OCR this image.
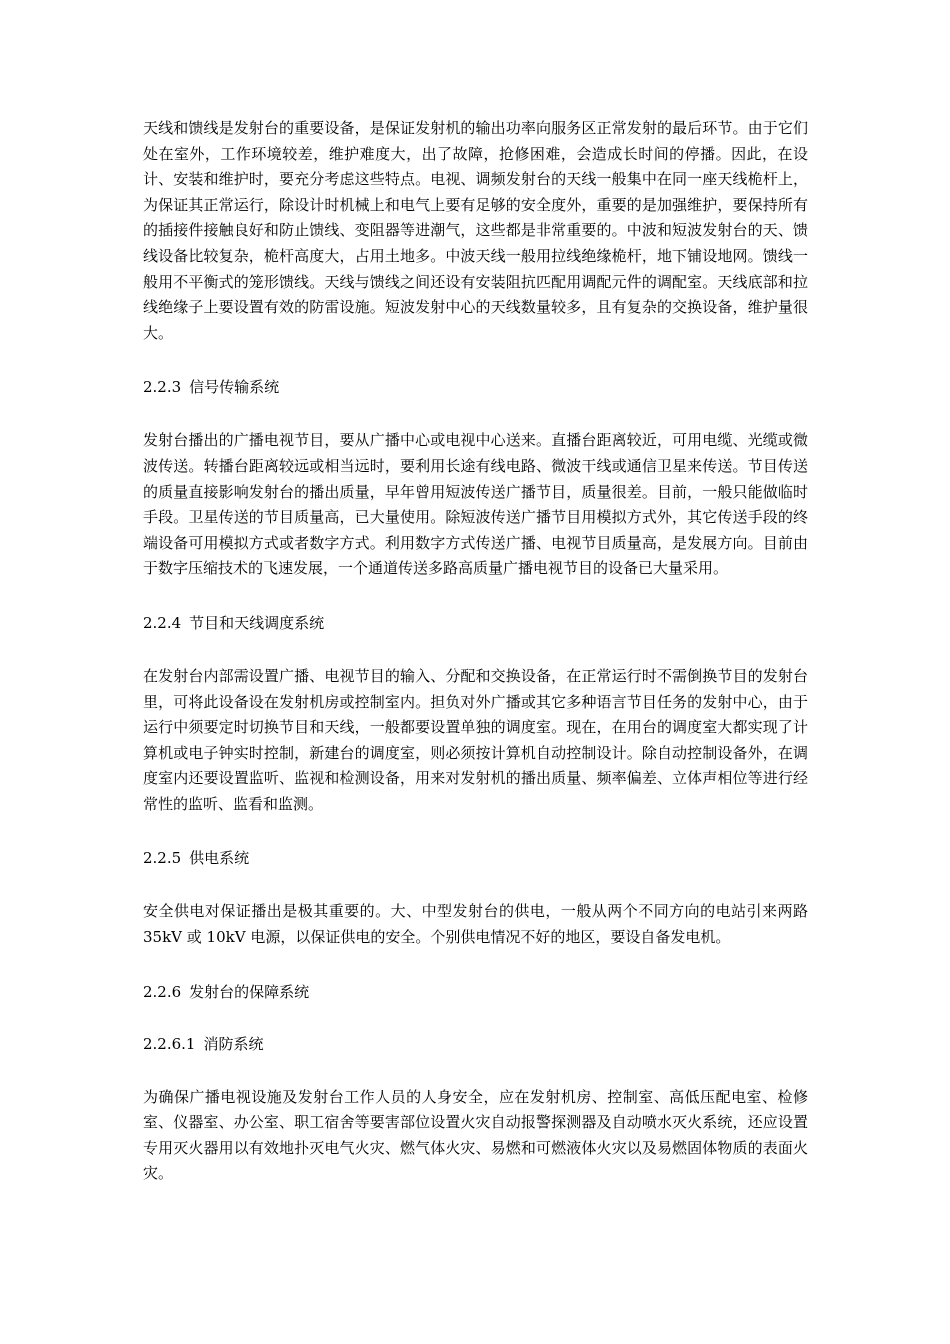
天线和馈线是发射台的重要设备，是保证发射机的输出功率向服务区正常发射的最后环节。由于它们处在室外，工作环境较差，维护难度大，出了故障，抢修困难，会造成长时间的停播。因此，在设计、安装和维护时，要充分考虑这些特点。电视、调频发射台的天线一般集中在同一座天线桅杆上，为保证其正常运行，除设计时机械上和电气上要有足够的安全度外，重要的是加强维护，要保持所有的插接件接触良好和防止馈线、变阻器等进潮气，这些都是非常重要的。中波和短波发射台的天、馈线设备比较复杂，桅杆高度大，占用土地多。中波天线一般用拉线绝缘桅杆，地下铺设地网。馈线一般用不平衡式的笼形馈线。天线与馈线之间还设有安装阻抗匹配用调配元件的调配室。天线底部和拉线绝缘子上要设置有效的防雷设施。短波发射中心的天线数量较多，且有复杂的交换设备，维护量很大。

2.2.3 信号传输系统

发射台播出的广播电视节目，要从广播中心或电视中心送来。直播台距离较近，可用电缆、光缆或微波传送。转播台距离较远或相当远时，要利用长途有线电路、微波干线或通信卫星来传送。节目传送的质量直接影响发射台的播出质量，早年曾用短波传送广播节目，质量很差。目前，一般只能做临时手段。卫星传送的节目质量高，已大量使用。除短波传送广播节目用模拟方式外，其它传送手段的终端设备可用模拟方式或者数字方式。利用数字方式传送广播、电视节目质量高，是发展方向。目前由于数字压缩技术的飞速发展，一个通道传送多路高质量广播电视节目的设备已大量采用。

2.2.4 节目和天线调度系统

在发射台内部需设置广播、电视节目的输入、分配和交换设备，在正常运行时不需倒换节目的发射台里，可将此设备设在发射机房或控制室内。担负对外广播或其它多种语言节目任务的发射中心，由于运行中须要定时切换节目和天线，一般都要设置单独的调度室。现在，在用台的调度室大都实现了计算机或电子钟实时控制，新建台的调度室，则必须按计算机自动控制设计。除自动控制设备外，在调度室内还要设置监听、监视和检测设备，用来对发射机的播出质量、频率偏差、立体声相位等进行经常性的监听、监看和监测。

2.2.5 供电系统

安全供电对保证播出是极其重要的。大、中型发射台的供电，一般从两个不同方向的电站引来两路 35kV 或 10kV 电源，以保证供电的安全。个别供电情况不好的地区，要设自备发电机。

2.2.6 发射台的保障系统
2.2.6.1 消防系统

为确保广播电视设施及发射台工作人员的人身安全，应在发射机房、控制室、高低压配电室、检修室、仪器室、办公室、职工宿舍等要害部位设置火灾自动报警探测器及自动喷水灭火系统，还应设置专用灭火器用以有效地扑灭电气火灾、燃气体火灾、易燃和可燃液体火灾以及易燃固体物质的表面火灾。
